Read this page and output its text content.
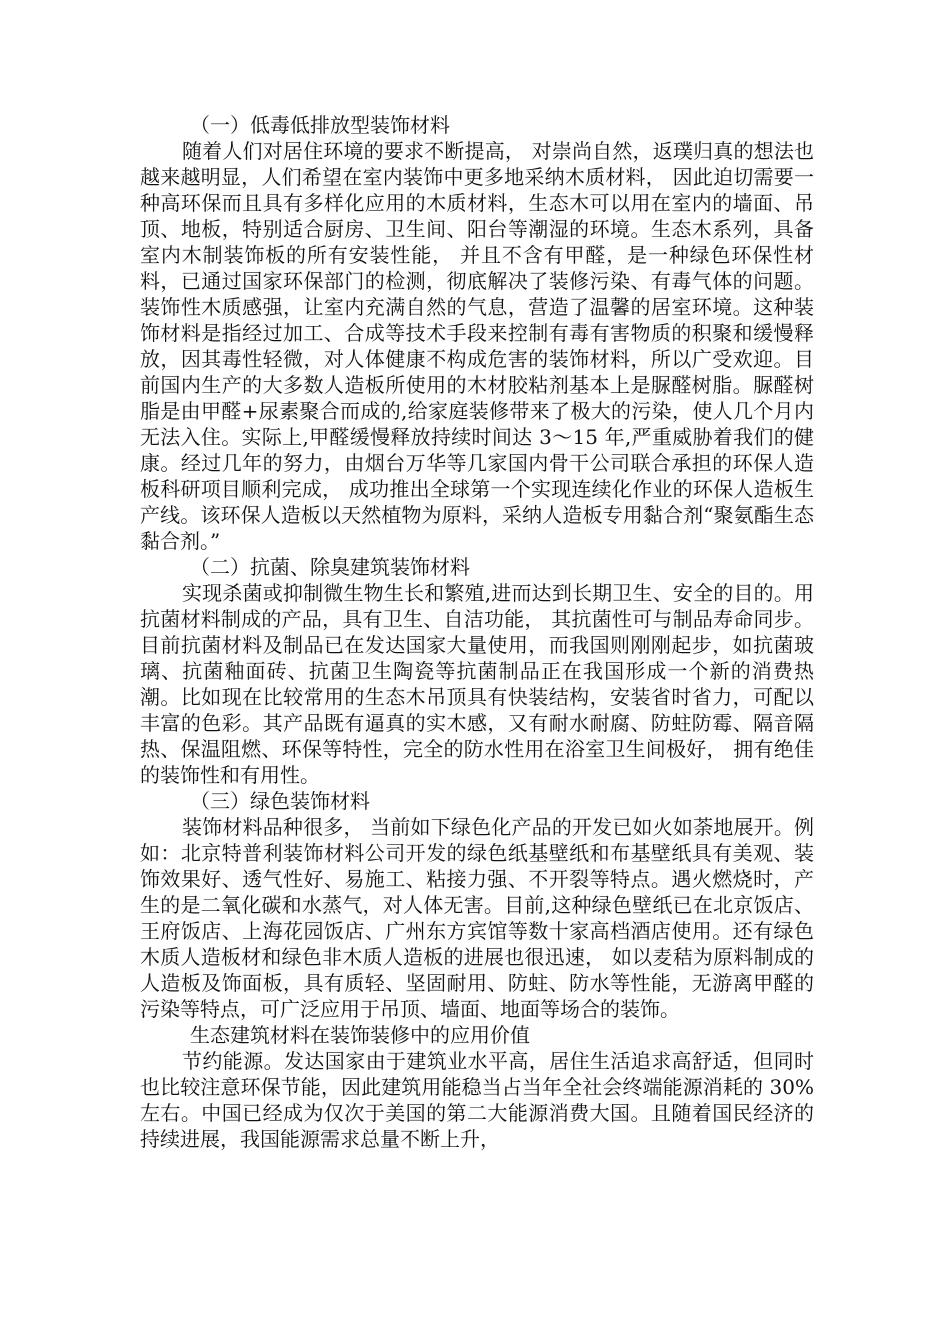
（一）低毒低排放型装饰材料
随着人们对居住环境的要求不断提高， 对崇尚自然，返璞归真的想法也越来越明显，人们希望在室内装饰中更多地采纳木质材料， 因此迫切需要一种高环保而且具有多样化应用的木质材料，生态木可以用在室内的墙面、吊顶、地板，特别适合厨房、卫生间、阳台等潮湿的环境。生态木系列，具备室内木制装饰板的所有安装性能， 并且不含有甲醛，是一种绿色环保性材料，已通过国家环保部门的检测，彻底解决了装修污染、有毒气体的问题。装饰性木质感强，让室内充满自然的气息，营造了温馨的居室环境。这种装饰材料是指经过加工、合成等技术手段来控制有毒有害物质的积聚和缓慢释放，因其毒性轻微，对人体健康不构成危害的装饰材料，所以广受欢迎。目前国内生产的大多数人造板所使用的木材胶粘剂基本上是脲醛树脂。脲醛树脂是由甲醛+尿素聚合而成的,给家庭装修带来了极大的污染，使人几个月内无法入住。实际上,甲醛缓慢释放持续时间达 3～15 年,严重威胁着我们的健康。经过几年的努力，由烟台万华等几家国内骨干公司联合承担的环保人造板科研项目顺利完成， 成功推出全球第一个实现连续化作业的环保人造板生产线。该环保人造板以天然植物为原料，采纳人造板专用黏合剂“聚氨酯生态黏合剂。”
（二）抗菌、除臭建筑装饰材料
实现杀菌或抑制微生物生长和繁殖,进而达到长期卫生、安全的目的。用抗菌材料制成的产品，具有卫生、自洁功能， 其抗菌性可与制品寿命同步。目前抗菌材料及制品已在发达国家大量使用，而我国则刚刚起步，如抗菌玻璃、抗菌釉面砖、抗菌卫生陶瓷等抗菌制品正在我国形成一个新的消费热潮。比如现在比较常用的生态木吊顶具有快装结构，安装省时省力，可配以丰富的色彩。其产品既有逼真的实木感，又有耐水耐腐、防蛀防霉、隔音隔热、保温阻燃、环保等特性，完全的防水性用在浴室卫生间极好， 拥有绝佳的装饰性和有用性。
（三）绿色装饰材料
装饰材料品种很多， 当前如下绿色化产品的开发已如火如荼地展开。例如：北京特普利装饰材料公司开发的绿色纸基壁纸和布基壁纸具有美观、装饰效果好、透气性好、易施工、粘接力强、不开裂等特点。遇火燃烧时，产生的是二氧化碳和水蒸气，对人体无害。目前,这种绿色壁纸已在北京饭店、王府饭店、上海花园饭店、广州东方宾馆等数十家高档酒店使用。还有绿色木质人造板材和绿色非木质人造板的进展也很迅速， 如以麦秸为原料制成的人造板及饰面板，具有质轻、坚固耐用、防蛀、防水等性能，无游离甲醛的污染等特点，可广泛应用于吊顶、墙面、地面等场合的装饰。
生态建筑材料在装饰装修中的应用价值
节约能源。发达国家由于建筑业水平高，居住生活追求高舒适，但同时也比较注意环保节能，因此建筑用能稳当占当年全社会终端能源消耗的 30%左右。中国已经成为仅次于美国的第二大能源消费大国。且随着国民经济的持续进展，我国能源需求总量不断上升，
